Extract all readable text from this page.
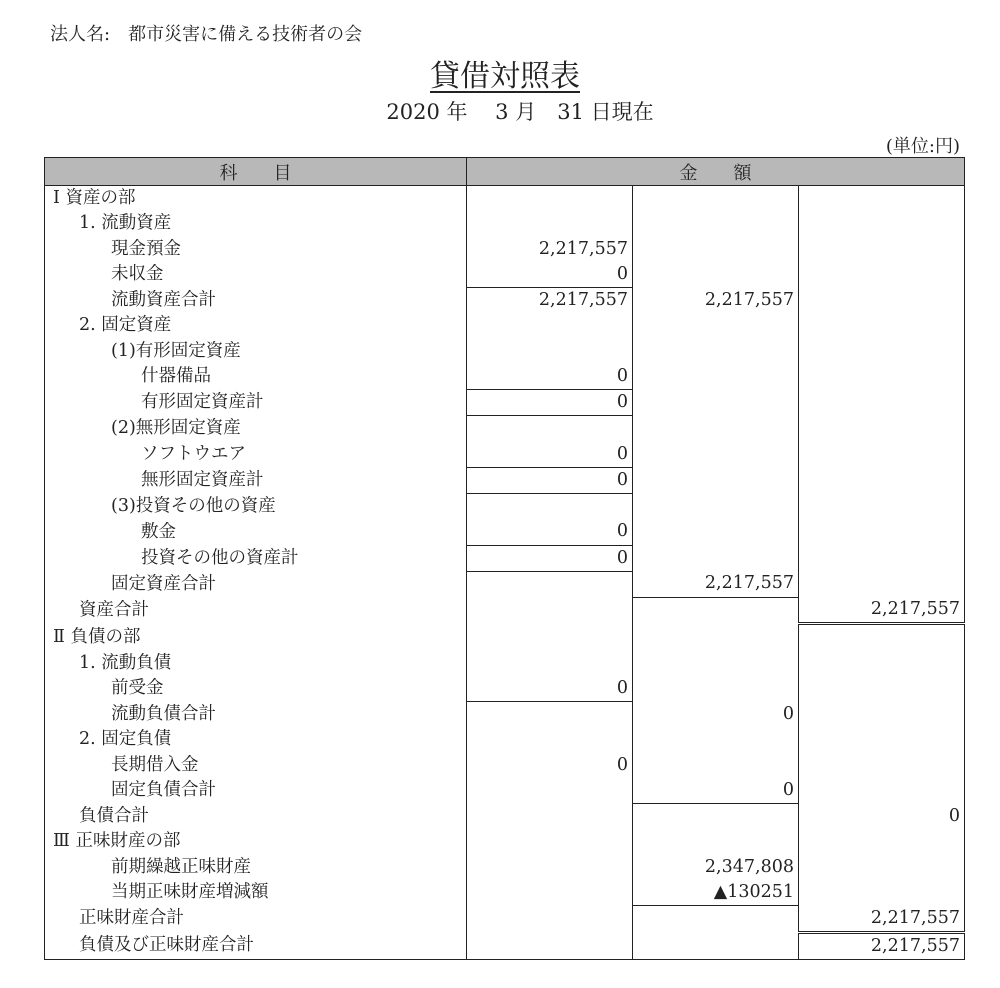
法人名: 都市災害に備える技術者の会
貸借対照表
2020 年　 3 月　31 日現在
(単位:円)
科　　目	金　　額		
Ⅰ 資産の部			
1. 流動資産			
現金預金	2,217,557		
未収金	0		
流動資産合計	2,217,557	2,217,557	
2. 固定資産			
(1)有形固定資産			
什器備品	0		
有形固定資産計	0		
(2)無形固定資産			
ソフトウエア	0		
無形固定資産計	0		
(3)投資その他の資産			
敷金	0		
投資その他の資産計	0		
固定資産合計		2,217,557	
資産合計			2,217,557
Ⅱ 負債の部			
1. 流動負債			
前受金	0		
流動負債合計		0	
2. 固定負債			
長期借入金	0		
固定負債合計		0	
負債合計			0
Ⅲ 正味財産の部			
前期繰越正味財産		2,347,808	
当期正味財産増減額		▲130251	
正味財産合計			2,217,557
負債及び正味財産合計			2,217,557
